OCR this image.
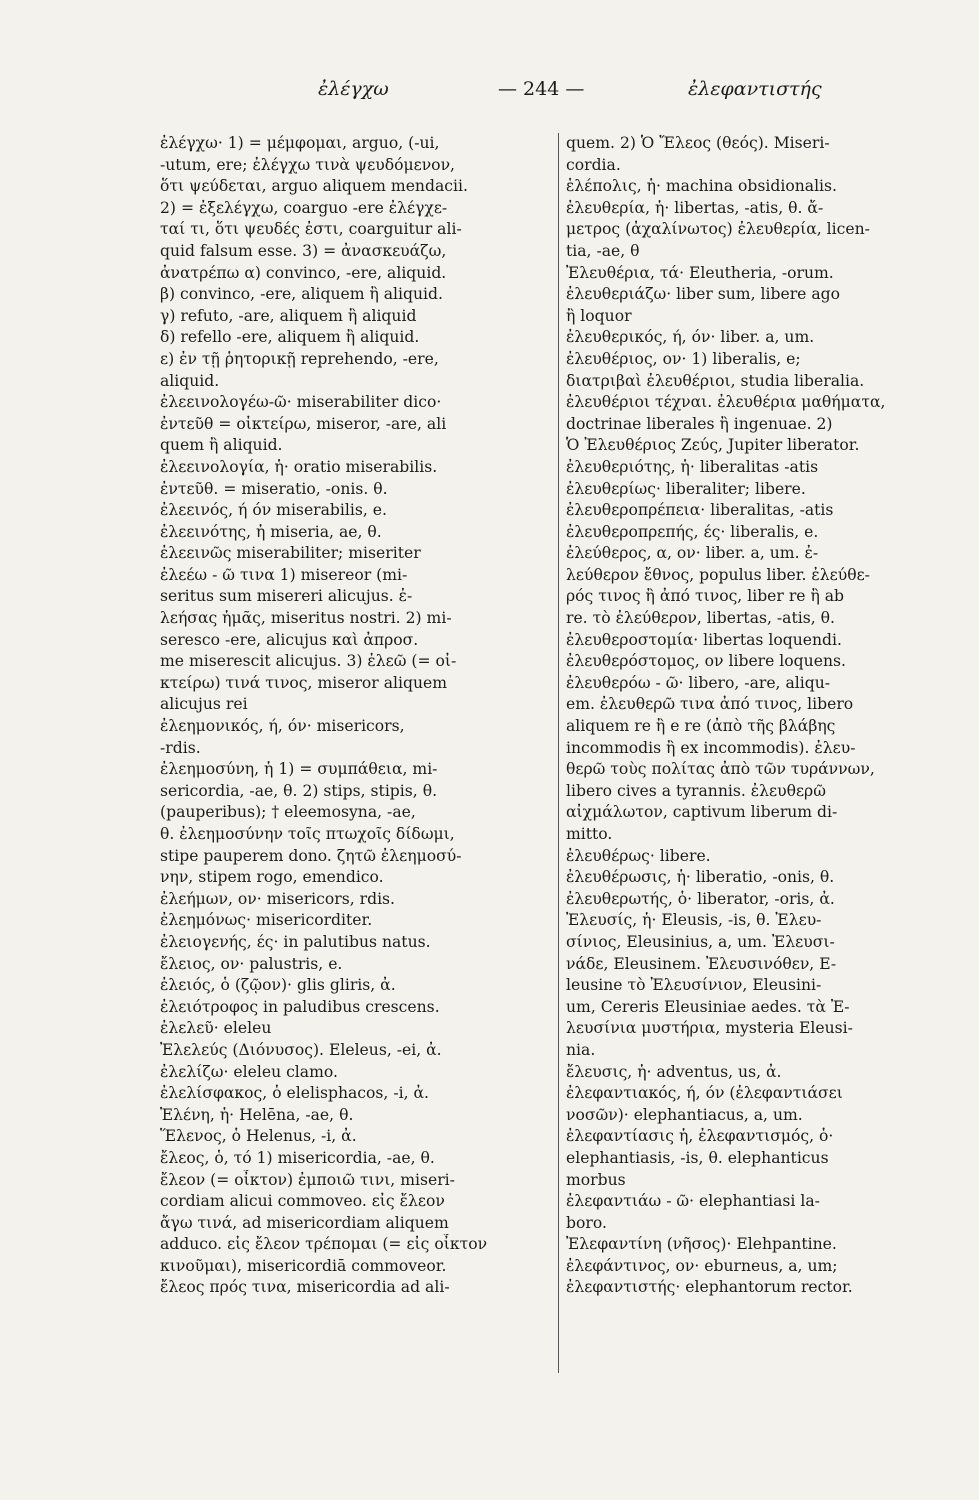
ἐλέγχω	— 244 —	ἐλεφαντιστής
ἐλέγχω· 1) = μέμφομαι, arguo, (-ui,
-utum, ere; ἐλέγχω τινὰ ψευδόμενον,
ὅτι ψεύδεται, arguo aliquem mendacii.
2) = ἐξελέγχω, coarguo -ere ἐλέγχε-
ταί τι, ὅτι ψευδές ἐστι, coarguitur ali-
quid falsum esse. 3) = ἀνασκευάζω,
ἀνατρέπω α) convinco, -ere, aliquid.
β) convinco, -ere, aliquem ἢ aliquid.
γ) refuto, -are, aliquem ἢ aliquid
δ) refello -ere, aliquem ἢ aliquid.
ε) ἐν τῇ ῥητορικῇ reprehendo, -ere,
aliquid.
ἐλεεινολογέω-ῶ· miserabiliter dico·
ἐντεῦθ = οἰκτείρω, miseror, -are, ali
quem ἢ aliquid.
ἐλεεινολογία, ἡ· oratio miserabilis.
ἐντεῦθ. = miseratio, -onis. θ.
ἐλεεινός, ή όν miserabilis, e.
ἐλεεινότης, ἡ miseria, ae, θ.
ἐλεεινῶς miserabiliter; miseriter
ἐλεέω - ῶ τινα 1) misereor (mi-
seritus sum misereri alicujus. ἐ-
λεήσας ἡμᾶς, miseritus nostri. 2) mi-
seresco -ere, alicujus καὶ ἀπροσ.
me miserescit alicujus. 3) ἐλεῶ (= οἰ-
κτείρω) τινά τινος, miseror aliquem
alicujus rei
ἐλεημονικός, ή, όν· misericors,
-rdis.
ἐλεημοσύνη, ἡ 1) = συμπάθεια, mi-
sericordia, -ae, θ. 2) stips, stipis, θ.
(pauperibus); † eleemosyna, -ae,
θ. ἐλεημοσύνην τοῖς πτωχοῖς δίδωμι,
stipe pauperem dono. ζητῶ ἐλεημοσύ-
νην, stipem rogo, emendico.
ἐλεήμων, ον· misericors, rdis.
ἐλεημόνως· misericorditer.
ἐλειογενής, ές· in palutibus natus.
ἔλειος, ον· palustris, e.
ἐλειός, ὁ (ζῷον)· glis gliris, ἀ.
ἐλειότροφος in paludibus crescens.
ἐλελεῦ· eleleu
Ἐλελεύς (Διόνυσος). Eleleus, -ei, ἀ.
ἐλελίζω· eleleu clamo.
ἐλελίσφακος, ὁ elelisphacos, -i, ἀ.
Ἑλένη, ἡ· Helēna, -ae, θ.
Ἕλενος, ὁ Helenus, -i, ἀ.
ἔλεος, ὁ, τό 1) misericordia, -ae, θ.
ἔλεον (= οἶκτον) ἐμποιῶ τινι, miseri-
cordiam alicui commoveo. εἰς ἔλεον
ἄγω τινά, ad misericordiam aliquem
adduco. εἰς ἔλεον τρέπομαι (= εἰς οἶκτον
κινοῦμαι), misericordiā commoveor.
ἔλεος πρός τινα, misericordia ad ali-
quem. 2) Ὁ Ἔλεος (θεός). Miseri-
cordia.
ἑλέπολις, ἡ· machina obsidionalis.
ἐλευθερία, ἡ· libertas, -atis, θ. ἄ-
μετρος (ἀχαλίνωτος) ἐλευθερία, licen-
tia, -ae, θ
Ἐλευθέρια, τά· Eleutheria, -orum.
ἐλευθεριάζω· liber sum, libere ago
ἢ loquor
ἐλευθερικός, ή, όν· liber. a, um.
ἐλευθέριος, ον· 1) liberalis, e;
διατριβαὶ ἐλευθέριοι, studia liberalia.
ἐλευθέριοι τέχναι. ἐλευθέρια μαθήματα,
doctrinae liberales ἢ ingenuae. 2)
Ὁ Ἐλευθέριος Ζεύς, Jupiter liberator.
ἐλευθεριότης, ἡ· liberalitas -atis
ἐλευθερίως· liberaliter; libere.
ἐλευθεροπρέπεια· liberalitas, -atis
ἐλευθεροπρεπής, ές· liberalis, e.
ἐλεύθερος, α, ον· liber. a, um. ἐ-
λεύθερον ἔθνος, populus liber. ἐλεύθε-
ρός τινος ἢ ἀπό τινος, liber re ἢ ab
re. τὸ ἐλεύθερον, libertas, -atis, θ.
ἐλευθεροστομία· libertas loquendi.
ἐλευθερόστομος, ον libere loquens.
ἐλευθερόω - ῶ· libero, -are, aliqu-
em. ἐλευθερῶ τινα ἀπό τινος, libero
aliquem re ἢ e re (ἀπὸ τῆς βλάβης
incommodis ἢ ex incommodis). ἐλευ-
θερῶ τοὺς πολίτας ἀπὸ τῶν τυράννων,
libero cives a tyrannis. ἐλευθερῶ
αἰχμάλωτον, captivum liberum di-
mitto.
ἐλευθέρως· libere.
ἐλευθέρωσις, ἡ· liberatio, -onis, θ.
ἐλευθερωτής, ὁ· liberator, -oris, ἀ.
Ἐλευσίς, ἡ· Eleusis, -is, θ. Ἐλευ-
σίνιος, Eleusinius, a, um. Ἐλευσι-
νάδε, Eleusinem. Ἐλευσινόθεν, E-
leusine τὸ Ἐλευσίνιον, Eleusini-
um, Cereris Eleusiniae aedes. τὰ Ἐ-
λευσίνια μυστήρια, mysteria Eleusi-
nia.
ἔλευσις, ἡ· adventus, us, ἀ.
ἐλεφαντιακός, ή, όν (ἐλεφαντιάσει
νοσῶν)· elephantiacus, a, um.
ἐλεφαντίασις ἡ, ἐλεφαντισμός, ὁ·
elephantiasis, -is, θ. elephanticus
morbus
ἐλεφαντιάω - ῶ· elephantiasi la-
boro.
Ἐλεφαντίνη (νῆσος)· Elehpantine.
ἐλεφάντινος, ον· eburneus, a, um;
ἐλεφαντιστής· elephantorum rector.
